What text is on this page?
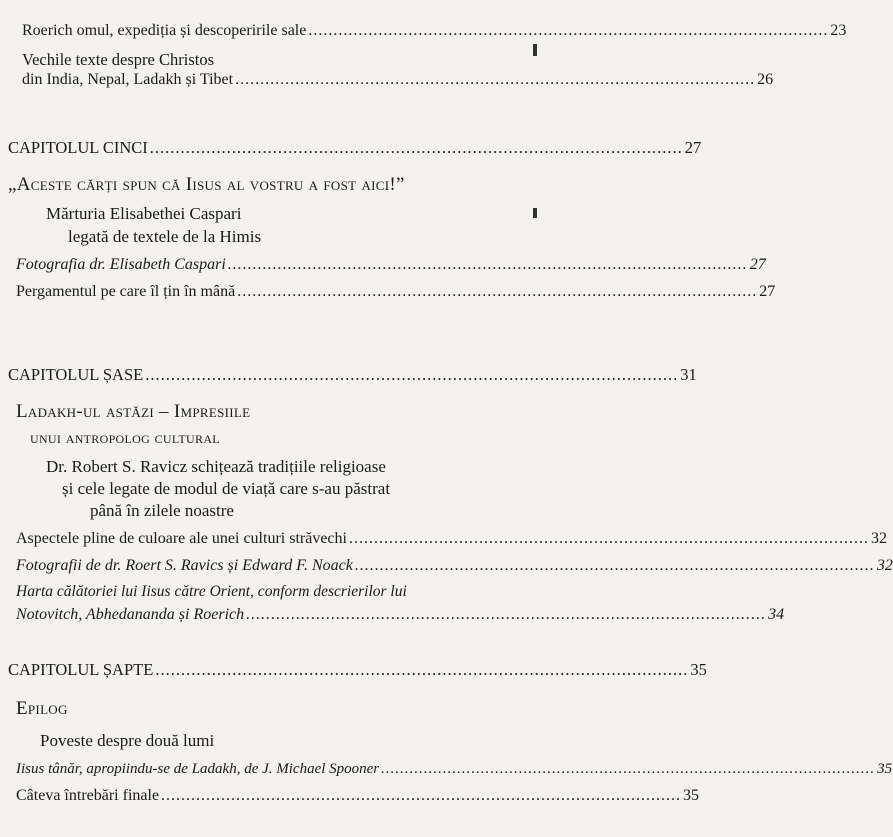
Roerich omul, expediția și descoperirile sale ........................................................................................................ 23
Vechile texte despre Christos
din India, Nepal, Ladakh și Tibet ........................................................................................................ 26
CAPITOLUL CINCI ........................................................................................................ 27
„Aceste cărți spun că Iisus al vostru a fost aici!”
Mărturia Elisabethei Caspari
legată de textele de la Himis
Fotografia dr. Elisabeth Caspari ........................................................................................................ 27
Pergamentul pe care îl țin în mână ........................................................................................................ 27
CAPITOLUL ȘASE ........................................................................................................ 31
Ladakh-ul astăzi – Impresiile
unui antropolog cultural
Dr. Robert S. Ravicz schițează tradițiile religioase
și cele legate de modul de viață care s-au păstrat
până în zilele noastre
Aspectele pline de culoare ale unei culturi străvechi ........................................................................................................ 32
Fotografii de dr. Roert S. Ravics și Edward F. Noack ........................................................................................................ 32
Harta călătoriei lui Iisus către Orient, conform descrierilor lui
Notovitch, Abhedananda și Roerich ........................................................................................................ 34
CAPITOLUL ȘAPTE ........................................................................................................ 35
Epilog
Poveste despre două lumi
Iisus tânăr, apropiindu-se de Ladakh, de J. Michael Spooner ........................................................................................................ 35
Câteva întrebări finale ........................................................................................................ 35
